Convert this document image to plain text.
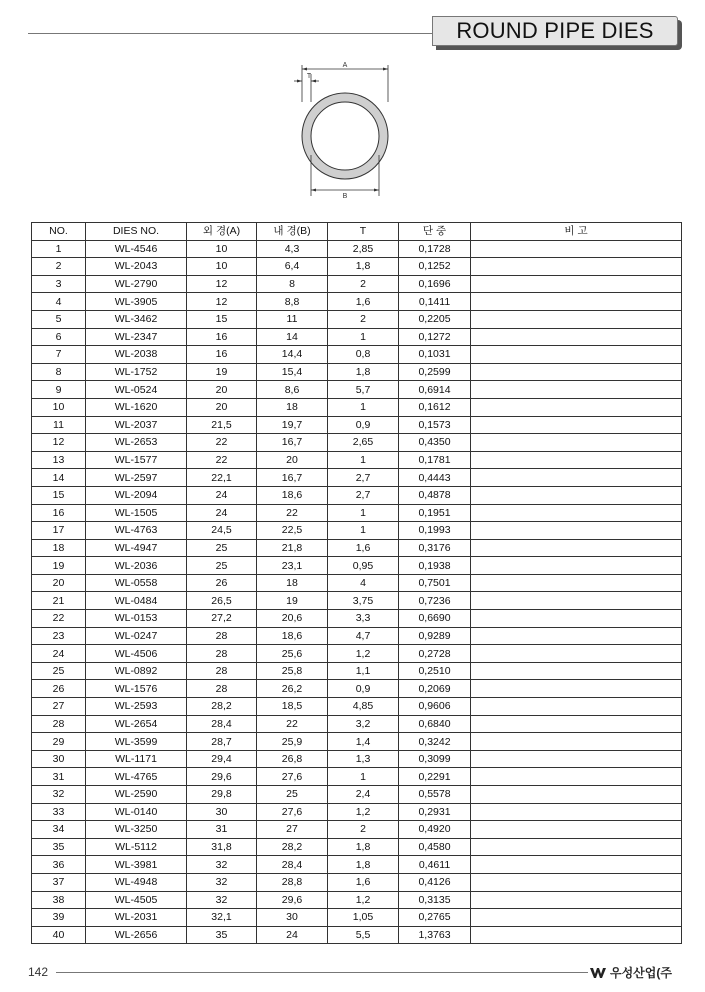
ROUND PIPE DIES
A
T
B
NO.	DIES NO.	외 경(A)	내 경(B)	T	단 중	비 고
1	WL-4546	10	4,3	2,85	0,1728	
2	WL-2043	10	6,4	1,8	0,1252	
3	WL-2790	12	8	2	0,1696	
4	WL-3905	12	8,8	1,6	0,1411	
5	WL-3462	15	11	2	0,2205	
6	WL-2347	16	14	1	0,1272	
7	WL-2038	16	14,4	0,8	0,1031	
8	WL-1752	19	15,4	1,8	0,2599	
9	WL-0524	20	8,6	5,7	0,6914	
10	WL-1620	20	18	1	0,1612	
11	WL-2037	21,5	19,7	0,9	0,1573	
12	WL-2653	22	16,7	2,65	0,4350	
13	WL-1577	22	20	1	0,1781	
14	WL-2597	22,1	16,7	2,7	0,4443	
15	WL-2094	24	18,6	2,7	0,4878	
16	WL-1505	24	22	1	0,1951	
17	WL-4763	24,5	22,5	1	0,1993	
18	WL-4947	25	21,8	1,6	0,3176	
19	WL-2036	25	23,1	0,95	0,1938	
20	WL-0558	26	18	4	0,7501	
21	WL-0484	26,5	19	3,75	0,7236	
22	WL-0153	27,2	20,6	3,3	0,6690	
23	WL-0247	28	18,6	4,7	0,9289	
24	WL-4506	28	25,6	1,2	0,2728	
25	WL-0892	28	25,8	1,1	0,2510	
26	WL-1576	28	26,2	0,9	0,2069	
27	WL-2593	28,2	18,5	4,85	0,9606	
28	WL-2654	28,4	22	3,2	0,6840	
29	WL-3599	28,7	25,9	1,4	0,3242	
30	WL-1171	29,4	26,8	1,3	0,3099	
31	WL-4765	29,6	27,6	1	0,2291	
32	WL-2590	29,8	25	2,4	0,5578	
33	WL-0140	30	27,6	1,2	0,2931	
34	WL-3250	31	27	2	0,4920	
35	WL-5112	31,8	28,2	1,8	0,4580	
36	WL-3981	32	28,4	1,8	0,4611	
37	WL-4948	32	28,8	1,6	0,4126	
38	WL-4505	32	29,6	1,2	0,3135	
39	WL-2031	32,1	30	1,05	0,2765	
40	WL-2656	35	24	5,5	1,3763	
142	우성산업(주
